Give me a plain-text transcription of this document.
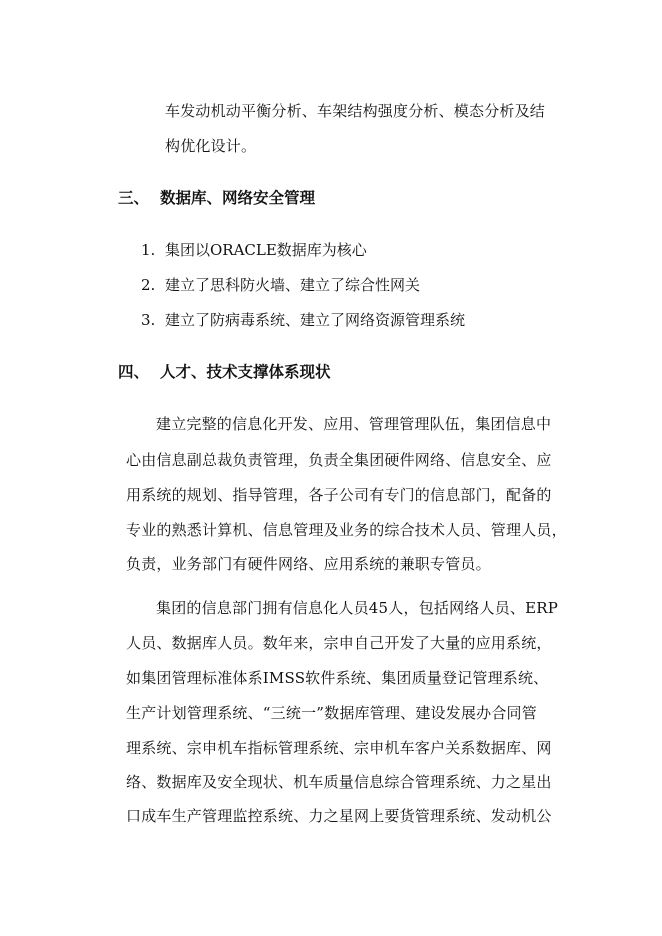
车发动机动平衡分析、车架结构强度分析、模态分析及结
构优化设计。
三、 数据库、网络安全管理
1. 集团以ORACLE数据库为核心
2. 建立了思科防火墙、建立了综合性网关
3. 建立了防病毒系统、建立了网络资源管理系统
四、 人才、技术支撑体系现状
建立完整的信息化开发、应用、管理管理队伍，集团信息中
心由信息副总裁负责管理，负责全集团硬件网络、信息安全、应
用系统的规划、指导管理，各子公司有专门的信息部门，配备的
专业的熟悉计算机、信息管理及业务的综合技术人员、管理人员，
负责，业务部门有硬件网络、应用系统的兼职专管员。
集团的信息部门拥有信息化人员45人，包括网络人员、ERP
人员、数据库人员。数年来，宗申自己开发了大量的应用系统，
如集团管理标准体系IMSS软件系统、集团质量登记管理系统、
生产计划管理系统、“三统一”数据库管理、建设发展办合同管
理系统、宗申机车指标管理系统、宗申机车客户关系数据库、网
络、数据库及安全现状、机车质量信息综合管理系统、力之星出
口成车生产管理监控系统、力之星网上要货管理系统、发动机公
